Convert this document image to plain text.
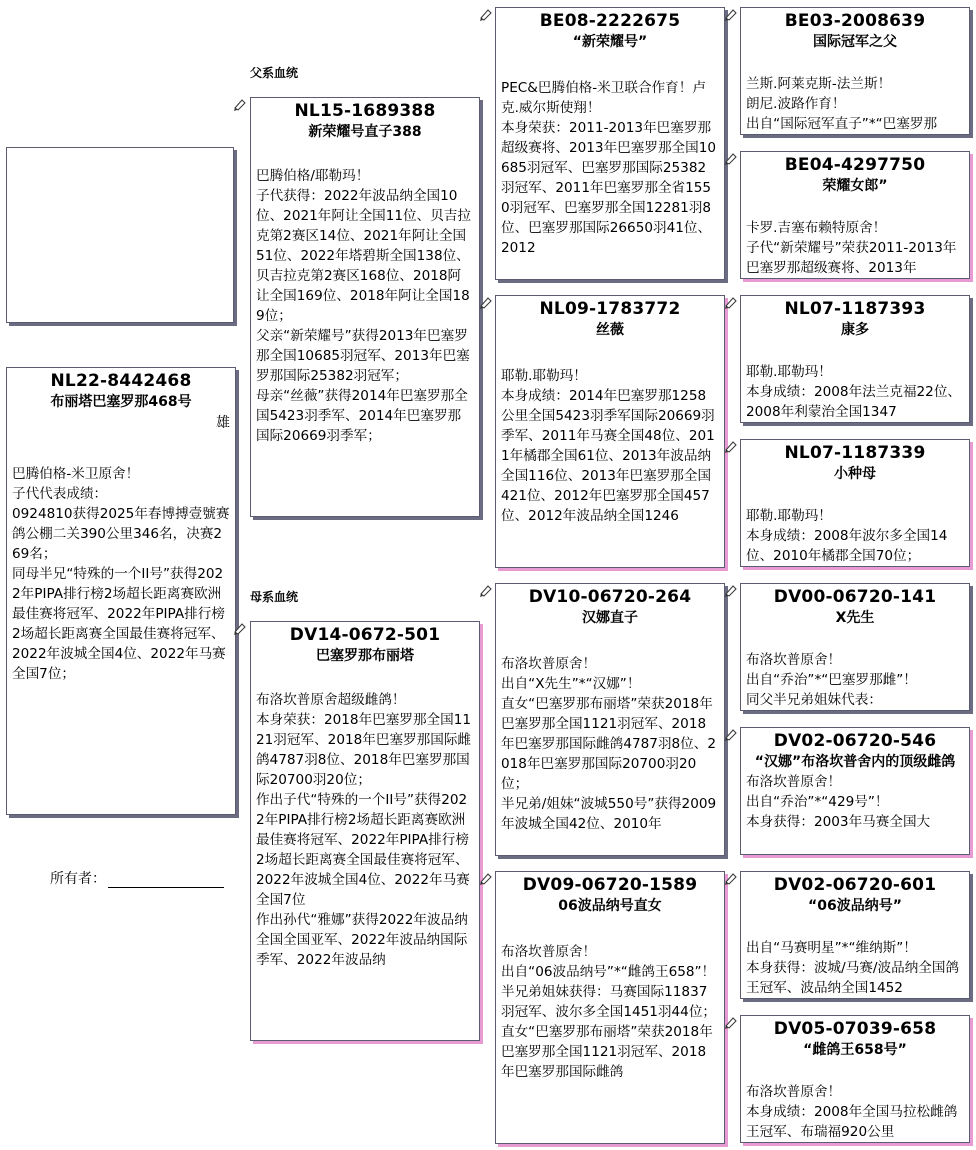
NL22-8442468
布丽塔巴塞罗那468号
雄
巴腾伯格-米卫原舍！
子代代表成绩：
0924810获得2025年春博搏壹號赛鸽公棚二关390公里346名，决赛269名；
同母半兄“特殊的一个II号”获得2022年PIPA排行榜2场超长距离赛欧洲最佳赛将冠军、2022年PIPA排行榜2场超长距离赛全国最佳赛将冠军、2022年波城全国4位、2022年马赛全国7位；
所有者：
父系血统
母系血统
NL15-1689388
新荣耀号直子388
巴腾伯格/耶勒玛！
子代获得：2022年波品纳全国10位、2021年阿让全国11位、贝吉拉克第2赛区14位、2021年阿让全国51位、2022年塔碧斯全国138位、贝吉拉克第2赛区168位、2018阿让全国169位、2018年阿让全国189位；
父亲“新荣耀号”获得2013年巴塞罗那全国10685羽冠军、2013年巴塞罗那国际25382羽冠军；
母亲“丝薇”获得2014年巴塞罗那全国5423羽季军、2014年巴塞罗那国际20669羽季军；
DV14-0672-501
巴塞罗那布丽塔
布洛坎普原舍超级雌鸽！
本身荣获：2018年巴塞罗那全国1121羽冠军、2018年巴塞罗那国际雌鸽4787羽8位、2018年巴塞罗那国际20700羽20位；
作出子代“特殊的一个II号”获得2022年PIPA排行榜2场超长距离赛欧洲最佳赛将冠军、2022年PIPA排行榜2场超长距离赛全国最佳赛将冠军、2022年波城全国4位、2022年马赛全国7位
作出孙代“雅娜”获得2022年波品纳全国全国亚军、2022年波品纳国际季军、2022年波品纳
BE08-2222675
“新荣耀号”
PEC&巴腾伯格-米卫联合作育！卢克.威尔斯使翔！
本身荣获：2011-2013年巴塞罗那超级赛将、2013年巴塞罗那全国10685羽冠军、巴塞罗那国际25382羽冠军、2011年巴塞罗那全省1550羽冠军、巴塞罗那全国12281羽8位、巴塞罗那国际26650羽41位、2012
NL09-1783772
丝薇
耶勒.耶勒玛！
本身成绩：2014年巴塞罗那1258公里全国5423羽季军国际20669羽季军、2011年马赛全国48位、2011年橘郡全国61位、2013年波品纳全国116位、2013年巴塞罗那全国421位、2012年巴塞罗那全国457位、2012年波品纳全国1246
DV10-06720-264
汉娜直子
布洛坎普原舍！
出自“X先生”*“汉娜”！
直女“巴塞罗那布丽塔”荣获2018年巴塞罗那全国1121羽冠军、2018年巴塞罗那国际雌鸽4787羽8位、2018年巴塞罗那国际20700羽20位；
半兄弟/姐妹“波城550号”获得2009年波城全国42位、2010年
DV09-06720-1589
06波品纳号直女
布洛坎普原舍！
出自“06波品纳号”*“雌鸽王658”！
半兄弟姐妹获得：马赛国际11837羽冠军、波尔多全国1451羽44位；
直女“巴塞罗那布丽塔”荣获2018年巴塞罗那全国1121羽冠军、2018年巴塞罗那国际雌鸽
BE03-2008639
国际冠军之父
兰斯.阿莱克斯-法兰斯！
朗尼.波路作育！
出自“国际冠军直子”*“巴塞罗那
BE04-4297750
荣耀女郎”
卡罗.吉塞布赖特原舍！
子代“新荣耀号”荣获2011-2013年巴塞罗那超级赛将、2013年
NL07-1187393
康多
耶勒.耶勒玛！
本身成绩：2008年法兰克福22位、2008年利蒙治全国1347
NL07-1187339
小种母
耶勒.耶勒玛！
本身成绩：2008年波尔多全国14位、2010年橘郡全国70位；
DV00-06720-141
X先生
布洛坎普原舍！
出自“乔治”*“巴塞罗那雌”！
同父半兄弟姐妹代表：
DV02-06720-546
“汉娜”布洛坎普舍内的顶级雌鸽
布洛坎普原舍！
出自“乔治”*“429号”！
本身获得：2003年马赛全国大
DV02-06720-601
“06波品纳号”
出自“马赛明星”*“维纳斯”！
本身获得：波城/马赛/波品纳全国鸽王冠军、波品纳全国1452
DV05-07039-658
“雌鸽王658号”
布洛坎普原舍！
本身成绩：2008年全国马拉松雌鸽王冠军、布瑞福920公里
